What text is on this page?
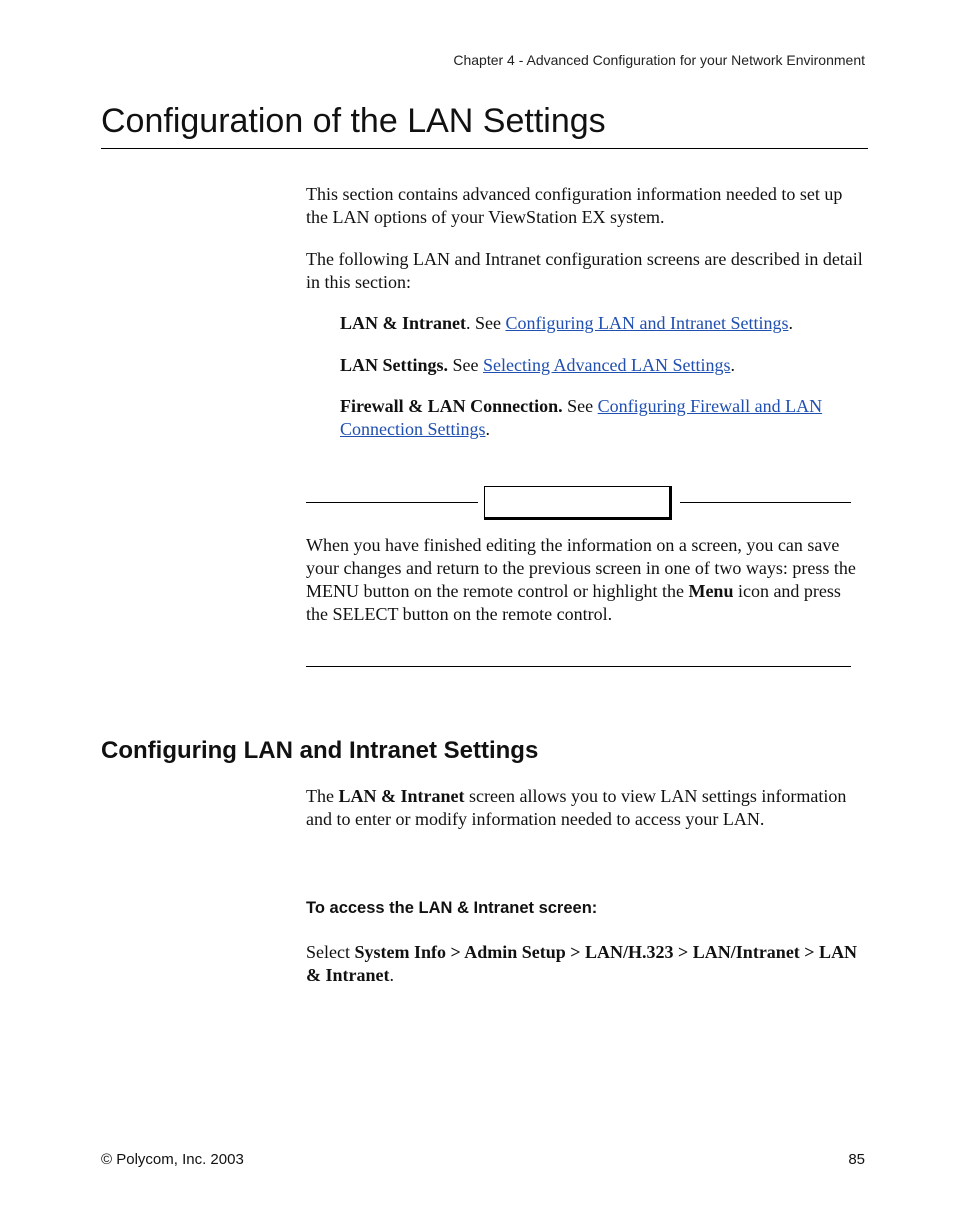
Chapter 4 - Advanced Configuration for your Network Environment
Configuration of the LAN Settings

This section contains advanced configuration information needed to set up the LAN options of your ViewStation EX system.

The following LAN and Intranet configuration screens are described in detail in this section:

LAN & Intranet. See Configuring LAN and Intranet Settings.

LAN Settings. See Selecting Advanced LAN Settings.

Firewall & LAN Connection. See Configuring Firewall and LAN Connection Settings.

When you have finished editing the information on a screen, you can save your changes and return to the previous screen in one of two ways: press the MENU button on the remote control or highlight the Menu icon and press the SELECT button on the remote control.

Configuring LAN and Intranet Settings

The LAN & Intranet screen allows you to view LAN settings information and to enter or modify information needed to access your LAN.

To access the LAN & Intranet screen:

Select System Info > Admin Setup > LAN/H.323 > LAN/Intranet > LAN & Intranet.

© Polycom, Inc. 2003	85
